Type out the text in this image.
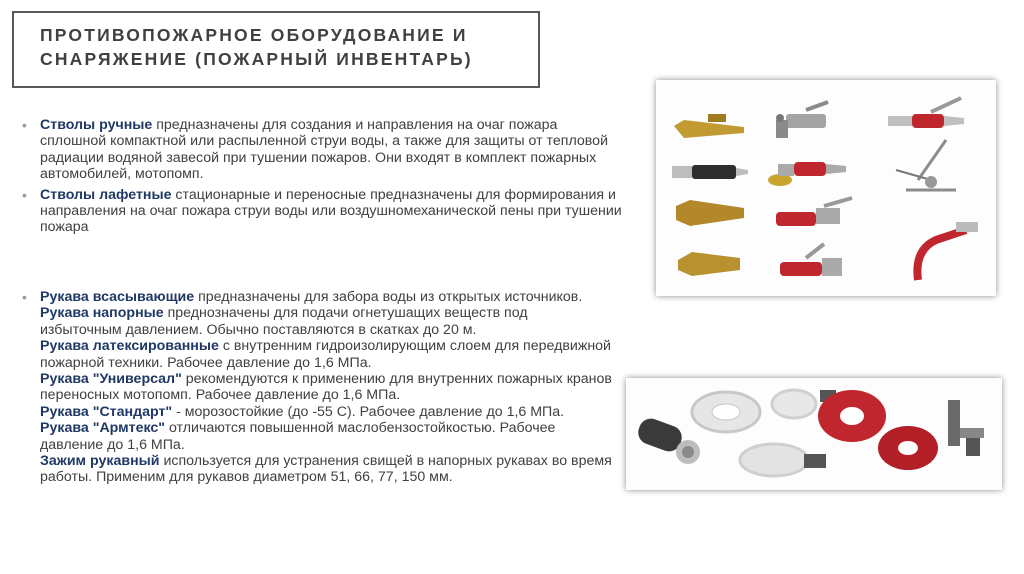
ПРОТИВОПОЖАРНОЕ ОБОРУДОВАНИЕ И
СНАРЯЖЕНИЕ (ПОЖАРНЫЙ ИНВЕНТАРЬ)
• Стволы ручные предназначены для создания и направления на очаг пожара сплошной компактной или распыленной струи воды, а также для защиты от тепловой радиации водяной завесой при тушении пожаров. Они входят в комплект пожарных автомобилей, мотопомп.
• Стволы лафетные стационарные и переносные предназначены для формирования и направления на очаг пожара струи воды или воздушномеханической пены при тушении пожара
• Рукава всасывающие предназначены для забора воды из открытых источников.
Рукава напорные преднозначены для подачи огнетушащих веществ под избыточным давлением. Обычно поставляются в скатках до 20 м.
Рукава латексированные с внутренним гидроизолирующим слоем для передвижной пожарной техники. Рабочее давление до 1,6 МПа.
Рукава "Универсал" рекомендуются к применению для внутренних пожарных кранов переносных мотопомп. Рабочее давление до 1,6 МПа.
Рукава "Стандарт" - морозостойкие (до -55 С). Рабочее давление до 1,6 МПа.
Рукава "Армтекс" отличаются повышенной маслобензостойкостью. Рабочее давление до 1,6 МПа.
Зажим рукавный используется для устранения свищей в напорных рукавах во время работы. Применим для рукавов диаметром 51, 66, 77, 150 мм.
